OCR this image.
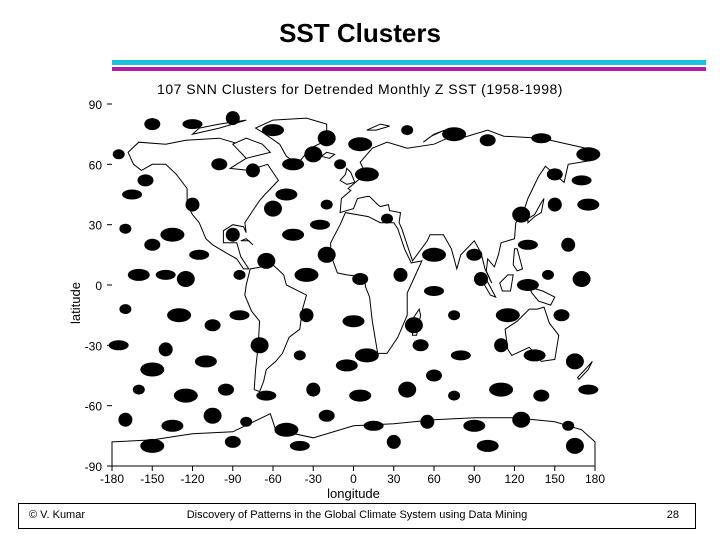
SST Clusters
107 SNN Clusters for Detrended Monthly Z SST (1958-1998)
-180 -150 -120 -90 -60 -30 0	30 60 90 120 150 180
90
60
30
0
-30
-60
-90
longitude
latitude
© V. Kumar	Discovery of Patterns in the Global Climate System using Data Mining	28
